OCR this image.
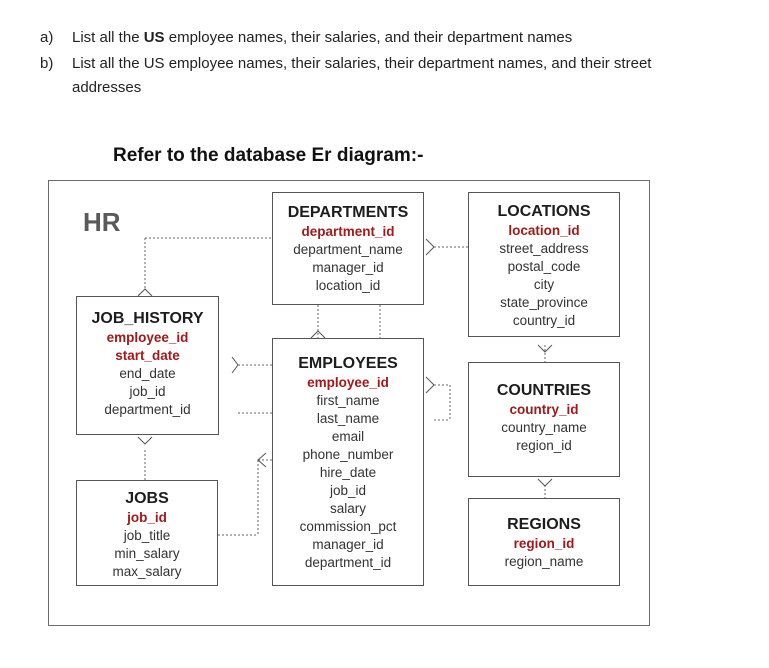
a) List all the US employee names, their salaries, and their department names
b) List all the US employee names, their salaries, their department names, and their street
addresses
Refer to the database Er diagram:-
HR	DEPARTMENTS
department_id
department_name
manager_id
location_id
LOCATIONS
location_id
street_address
postal_code
city
state_province
country_id
JOB_HISTORY
employee_id
start_date
end_date
job_id
department_id
EMPLOYEES
employee_id
first_name
last_name
email
phone_number
hire_date
job_id
salary
commission_pct
manager_id
department_id
COUNTRIES
country_id
country_name
region_id
JOBS
job_id
job_title
min_salary
max_salary
REGIONS
region_id
region_name
